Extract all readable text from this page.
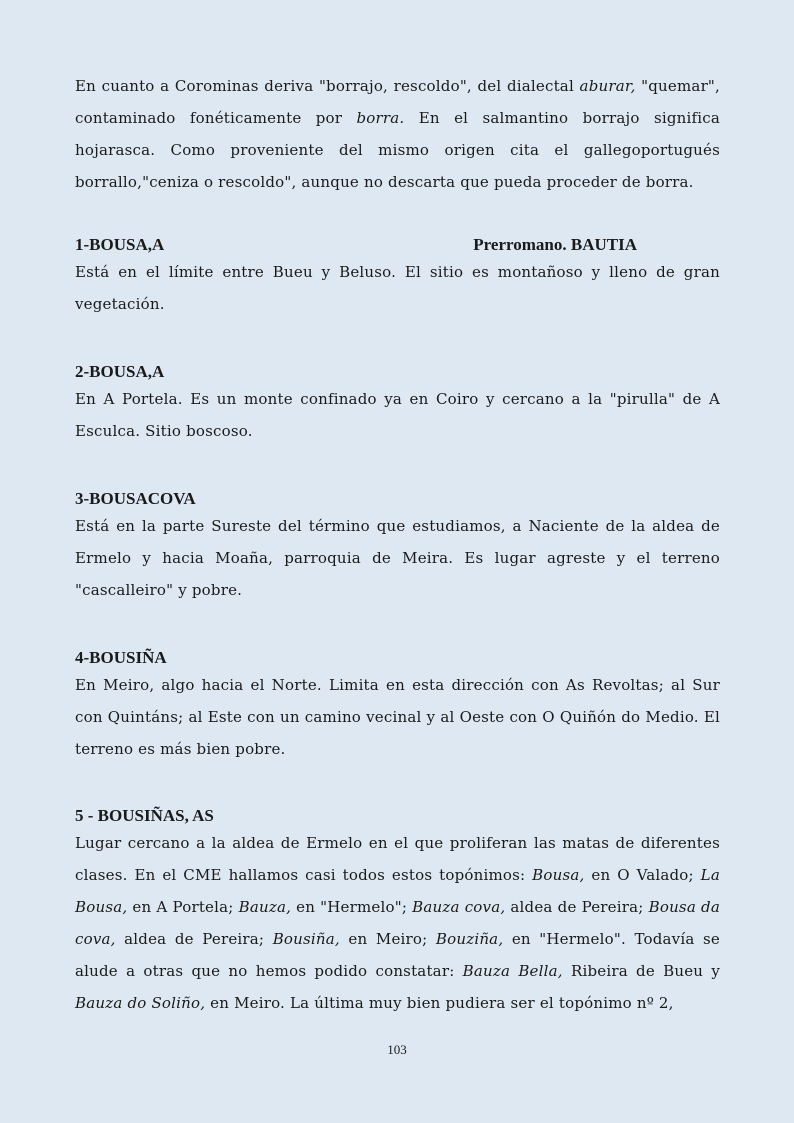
En cuanto a Corominas deriva "borrajo, rescoldo", del dialectal aburar, "quemar", contaminado fonéticamente por borra. En el salmantino borrajo significa hojarasca. Como proveniente del mismo origen cita el gallegoportugués borrallo,"ceniza o rescoldo", aunque no descarta que pueda proceder de borra.

1-BOUSA,A	Prerromano. BAUTIA

Está en el límite entre Bueu y Beluso. El sitio es montañoso y lleno de gran vegetación.

2-BOUSA,A

En A Portela. Es un monte confinado ya en Coiro y cercano a la "pirulla" de A Esculca. Sitio boscoso.

3-BOUSACOVA

Está en la parte Sureste del término que estudiamos, a Naciente de la aldea de Ermelo y hacia Moaña, parroquia de Meira. Es lugar agreste y el terreno "cascalleiro" y pobre.

4-BOUSIÑA

En Meiro, algo hacia el Norte. Limita en esta dirección con As Revoltas; al Sur con Quintáns; al Este con un camino vecinal y al Oeste con O Quiñón do Medio. El terreno es más bien pobre.

5 - BOUSIÑAS, AS

Lugar cercano a la aldea de Ermelo en el que proliferan las matas de diferentes clases. En el CME hallamos casi todos estos topónimos: Bousa, en O Valado; La Bousa, en A Portela; Bauza, en "Hermelo"; Bauza cova, aldea de Pereira; Bousa da cova, aldea de Pereira; Bousiña, en Meiro; Bouziña, en "Hermelo". Todavía se alude a otras que no hemos podido constatar: Bauza Bella, Ribeira de Bueu y Bauza do Soliño, en Meiro. La última muy bien pudiera ser el topónimo nº 2,

103
